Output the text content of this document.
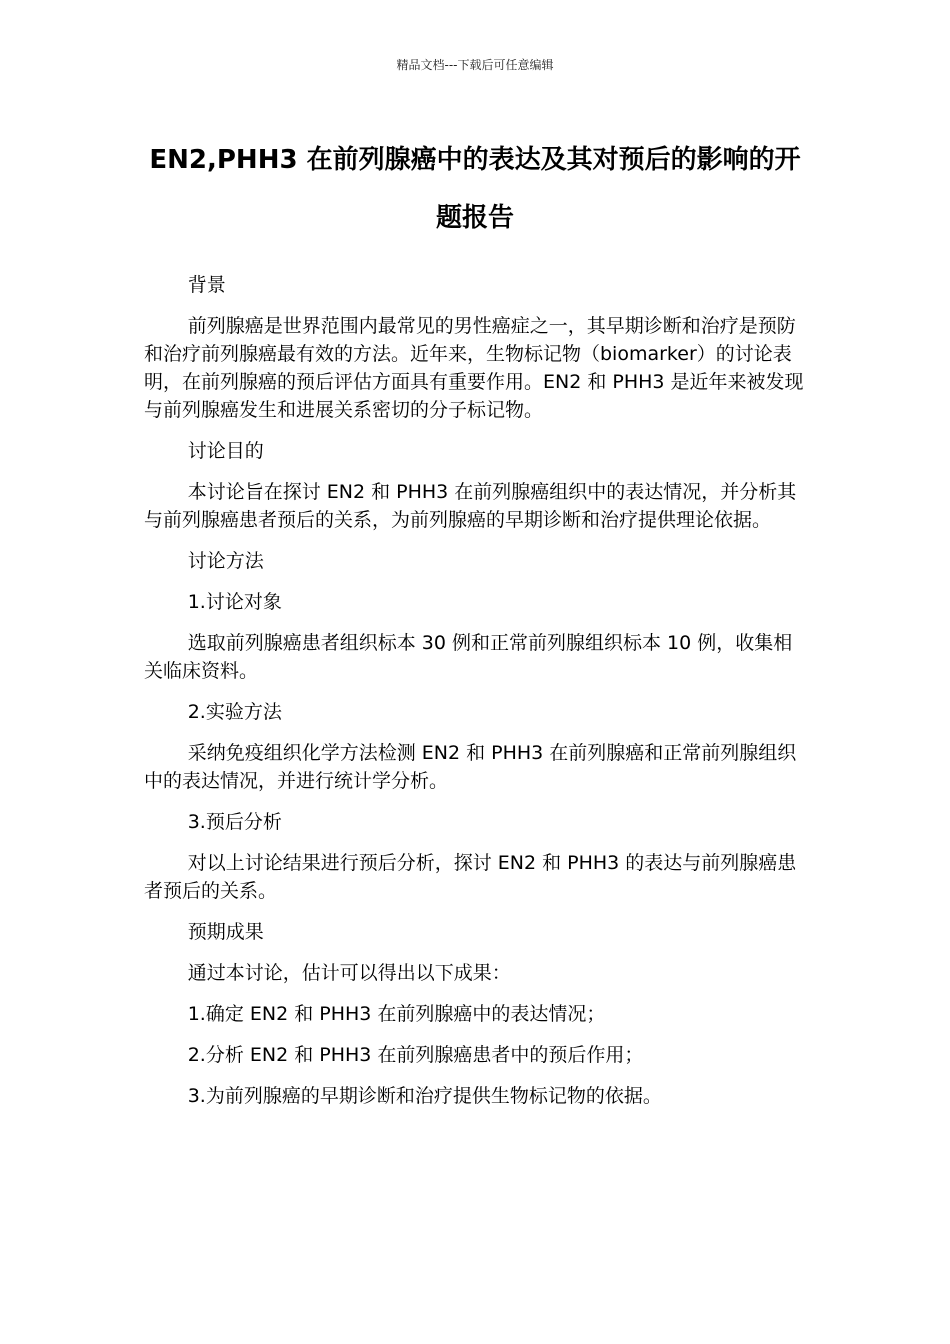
精品文档---下载后可任意编辑
EN2,PHH3 在前列腺癌中的表达及其对预后的影响的开题报告

背景

前列腺癌是世界范围内最常见的男性癌症之一，其早期诊断和治疗是预防和治疗前列腺癌最有效的方法。近年来，生物标记物（biomarker）的讨论表明，在前列腺癌的预后评估方面具有重要作用。EN2 和 PHH3 是近年来被发现与前列腺癌发生和进展关系密切的分子标记物。

讨论目的

本讨论旨在探讨 EN2 和 PHH3 在前列腺癌组织中的表达情况，并分析其与前列腺癌患者预后的关系，为前列腺癌的早期诊断和治疗提供理论依据。

讨论方法

1.讨论对象

选取前列腺癌患者组织标本 30 例和正常前列腺组织标本 10 例，收集相关临床资料。

2.实验方法

采纳免疫组织化学方法检测 EN2 和 PHH3 在前列腺癌和正常前列腺组织中的表达情况，并进行统计学分析。

3.预后分析

对以上讨论结果进行预后分析，探讨 EN2 和 PHH3 的表达与前列腺癌患者预后的关系。

预期成果

通过本讨论，估计可以得出以下成果：

1.确定 EN2 和 PHH3 在前列腺癌中的表达情况；

2.分析 EN2 和 PHH3 在前列腺癌患者中的预后作用；

3.为前列腺癌的早期诊断和治疗提供生物标记物的依据。
